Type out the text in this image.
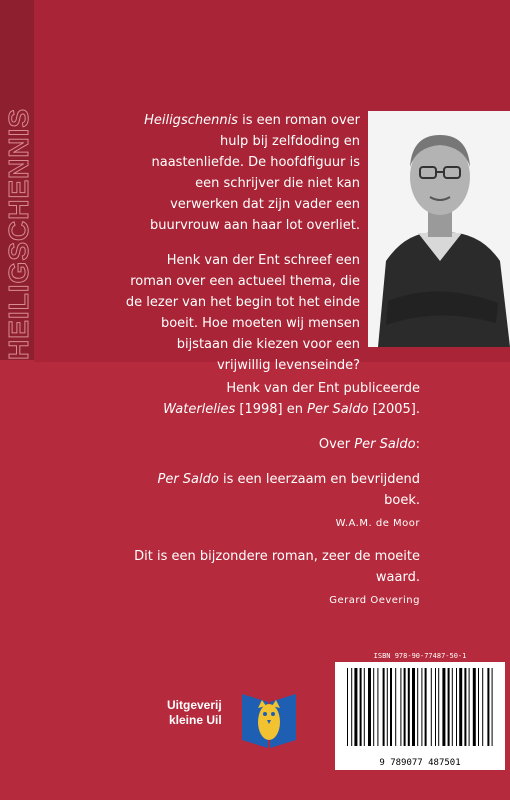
HEILIGSCHENNIS	Heiligschennis is een roman over hulp bij zelfdoding en naastenliefde. De hoofdfiguur is een schrijver die niet kan verwerken dat zijn vader een buurvrouw aan haar lot overliet.

Henk van der Ent schreef een roman over een actueel thema, die de lezer van het begin tot het einde boeit. Hoe moeten wij mensen bijstaan die kiezen voor een vrijwillig levenseinde?

Henk van der Ent publiceerde
Waterlelies [1998] en Per Saldo [2005].

Over Per Saldo:

Per Saldo is een leerzaam en bevrijdend boek.
W.A.M. de Moor
Dit is een bijzondere roman, zeer de moeite waard.
Gerard Oevering
ISBN 978-90-77487-50-1
9 789077 487501
Uitgeverij
kleine Uil
